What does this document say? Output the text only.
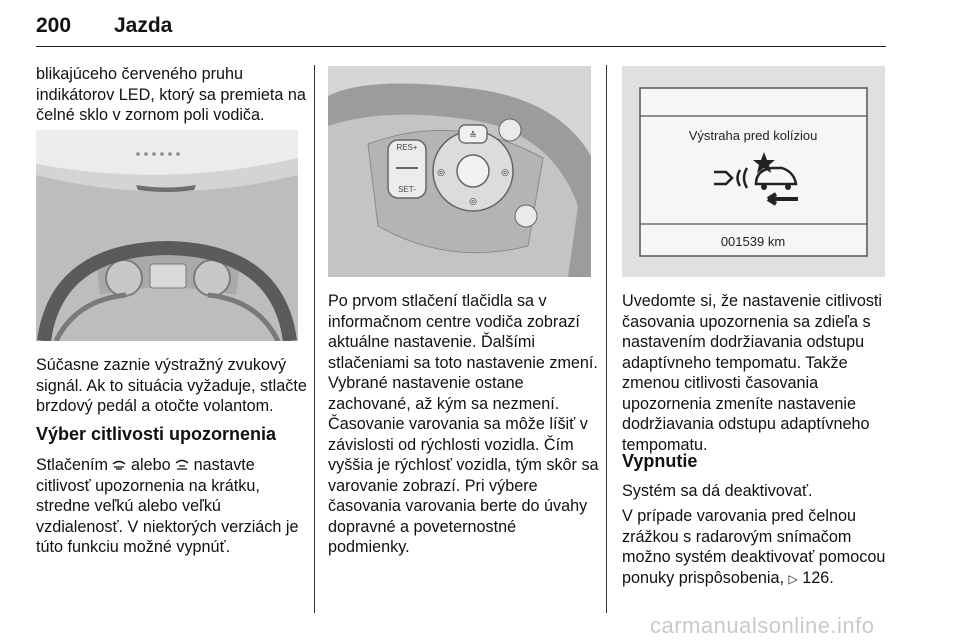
200 Jazda

blikajúceho červeného pruhu
indikátorov LED, ktorý sa premieta na
čelné sklo v zornom poli vodiča.

Súčasne zaznie výstražný zvukový
signál. Ak to situácia vyžaduje, stlačte
brzdový pedál a otočte volantom.

Výber citlivosti upozornenia

Stlačením  alebo  nastavte
citlivosť upozornenia na krátku,
stredne veľkú alebo veľkú
vzdialenosť. V niektorých verziách je
túto funkciu možné vypnúť.

RES+
SET-
≙
◎	◎
◎

Po prvom stlačení tlačidla sa v
informačnom centre vodiča zobrazí
aktuálne nastavenie. Ďalšími
stlačeniami sa toto nastavenie zmení.
Vybrané nastavenie ostane
zachované, až kým sa nezmení.
Časovanie varovania sa môže líšiť v
závislosti od rýchlosti vozidla. Čím
vyššia je rýchlosť vozidla, tým skôr sa
varovanie zobrazí. Pri výbere
časovania varovania berte do úvahy
dopravné a poveternostné
podmienky.

Výstraha pred kolíziou
001539 km

Uvedomte si, že nastavenie citlivosti
časovania upozornenia sa zdieľa s
nastavením dodržiavania odstupu
adaptívneho tempomatu. Takže
zmenou citlivosti časovania
upozornenia zmeníte nastavenie
dodržiavania odstupu adaptívneho
tempomatu.

Vypnutie

Systém sa dá deaktivovať.

V prípade varovania pred čelnou
zrážkou s radarovým snímačom
možno systém deaktivovať pomocou
ponuky prispôsobenia, ▷ 126.

carmanualsonline.info
